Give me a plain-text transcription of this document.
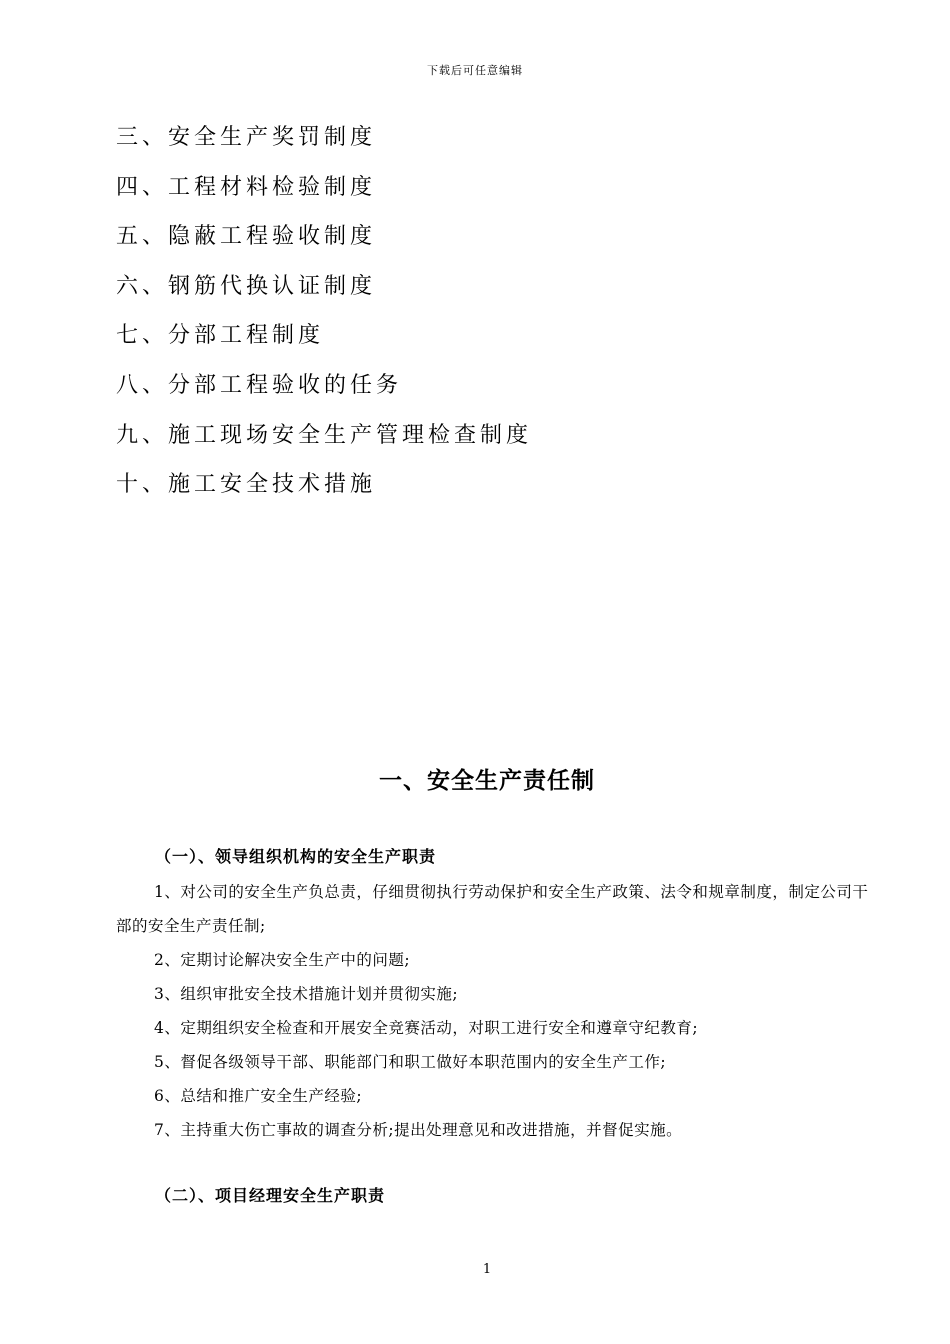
下载后可任意编辑
三、安全生产奖罚制度
四、工程材料检验制度
五、隐蔽工程验收制度
六、钢筋代换认证制度
七、分部工程制度
八、分部工程验收的任务
九、施工现场安全生产管理检查制度
十、施工安全技术措施
一、安全生产责任制
（一）、领导组织机构的安全生产职责

1、对公司的安全生产负总责，仔细贯彻执行劳动保护和安全生产政策、法令和规章制度，制定公司干部的安全生产责任制;

2、定期讨论解决安全生产中的问题;

3、组织审批安全技术措施计划并贯彻实施;

4、定期组织安全检查和开展安全竞赛活动，对职工进行安全和遵章守纪教育;

5、督促各级领导干部、职能部门和职工做好本职范围内的安全生产工作;

6、总结和推广安全生产经验;

7、主持重大伤亡事故的调查分析;提出处理意见和改进措施，并督促实施。

（二）、项目经理安全生产职责
1
